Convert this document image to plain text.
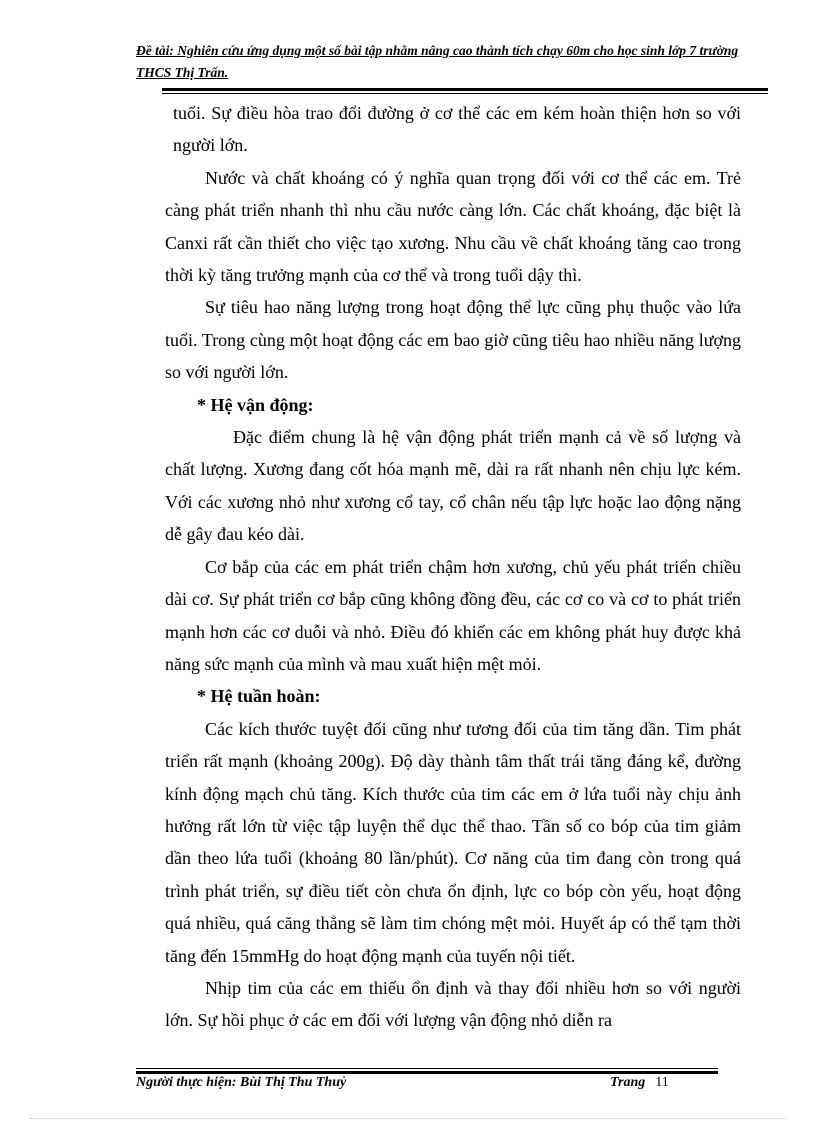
Đề tài: Nghiên cứu ứng dụng một số bài tập nhằm nâng cao thành tích chạy 60m cho học sinh lớp 7 trường THCS Thị Trấn.

tuổi. Sự điều hòa trao đổi đường ở cơ thể các em kém hoàn thiện hơn so với người lớn.

Nước và chất khoáng có ý nghĩa quan trọng đối với cơ thể các em. Trẻ càng phát triển nhanh thì nhu cầu nước càng lớn. Các chất khoáng, đặc biệt là Canxi rất cần thiết cho việc tạo xương. Nhu cầu về chất khoáng tăng cao trong thời kỳ tăng trưởng mạnh của cơ thể và trong tuổi dậy thì.

Sự tiêu hao năng lượng trong hoạt động thể lực cũng phụ thuộc vào lứa tuổi. Trong cùng một hoạt động các em bao giờ cũng tiêu hao nhiều năng lượng so với người lớn.

* Hệ vận động:

Đặc điểm chung là hệ vận động phát triển mạnh cả về số lượng và chất lượng. Xương đang cốt hóa mạnh mẽ, dài ra rất nhanh nên chịu lực kém. Với các xương nhỏ như xương cổ tay, cổ chân nếu tập lực hoặc lao động nặng dễ gây đau kéo dài.

Cơ bắp của các em phát triển chậm hơn xương, chủ yếu phát triển chiều dài cơ. Sự phát triển cơ bắp cũng không đồng đều, các cơ co và cơ to phát triển mạnh hơn các cơ duỗi và nhỏ. Điều đó khiến các em không phát huy được khả năng sức mạnh của mình và mau xuất hiện mệt mỏi.

* Hệ tuần hoàn:

Các kích thước tuyệt đối cũng như tương đối của tim tăng dần. Tim phát triển rất mạnh (khoảng 200g). Độ dày thành tâm thất trái tăng đáng kể, đường kính động mạch chủ tăng. Kích thước của tim các em ở lứa tuổi này chịu ảnh hưởng rất lớn từ việc tập luyện thể dục thể thao. Tần số co bóp của tim giảm dần theo lứa tuổi (khoảng 80 lần/phút). Cơ năng của tim đang còn trong quá trình phát triển, sự điều tiết còn chưa ổn định, lực co bóp còn yếu, hoạt động quá nhiều, quá căng thẳng sẽ làm tim chóng mệt mỏi. Huyết áp có thể tạm thời tăng đến 15mmHg do hoạt động mạnh của tuyến nội tiết.

Nhịp tim của các em thiếu ổn định và thay đổi nhiều hơn so với người lớn. Sự hồi phục ở các em đối với lượng vận động nhỏ diễn ra

Người thực hiện: Bùi Thị Thu Thuỷ	Trang 11
